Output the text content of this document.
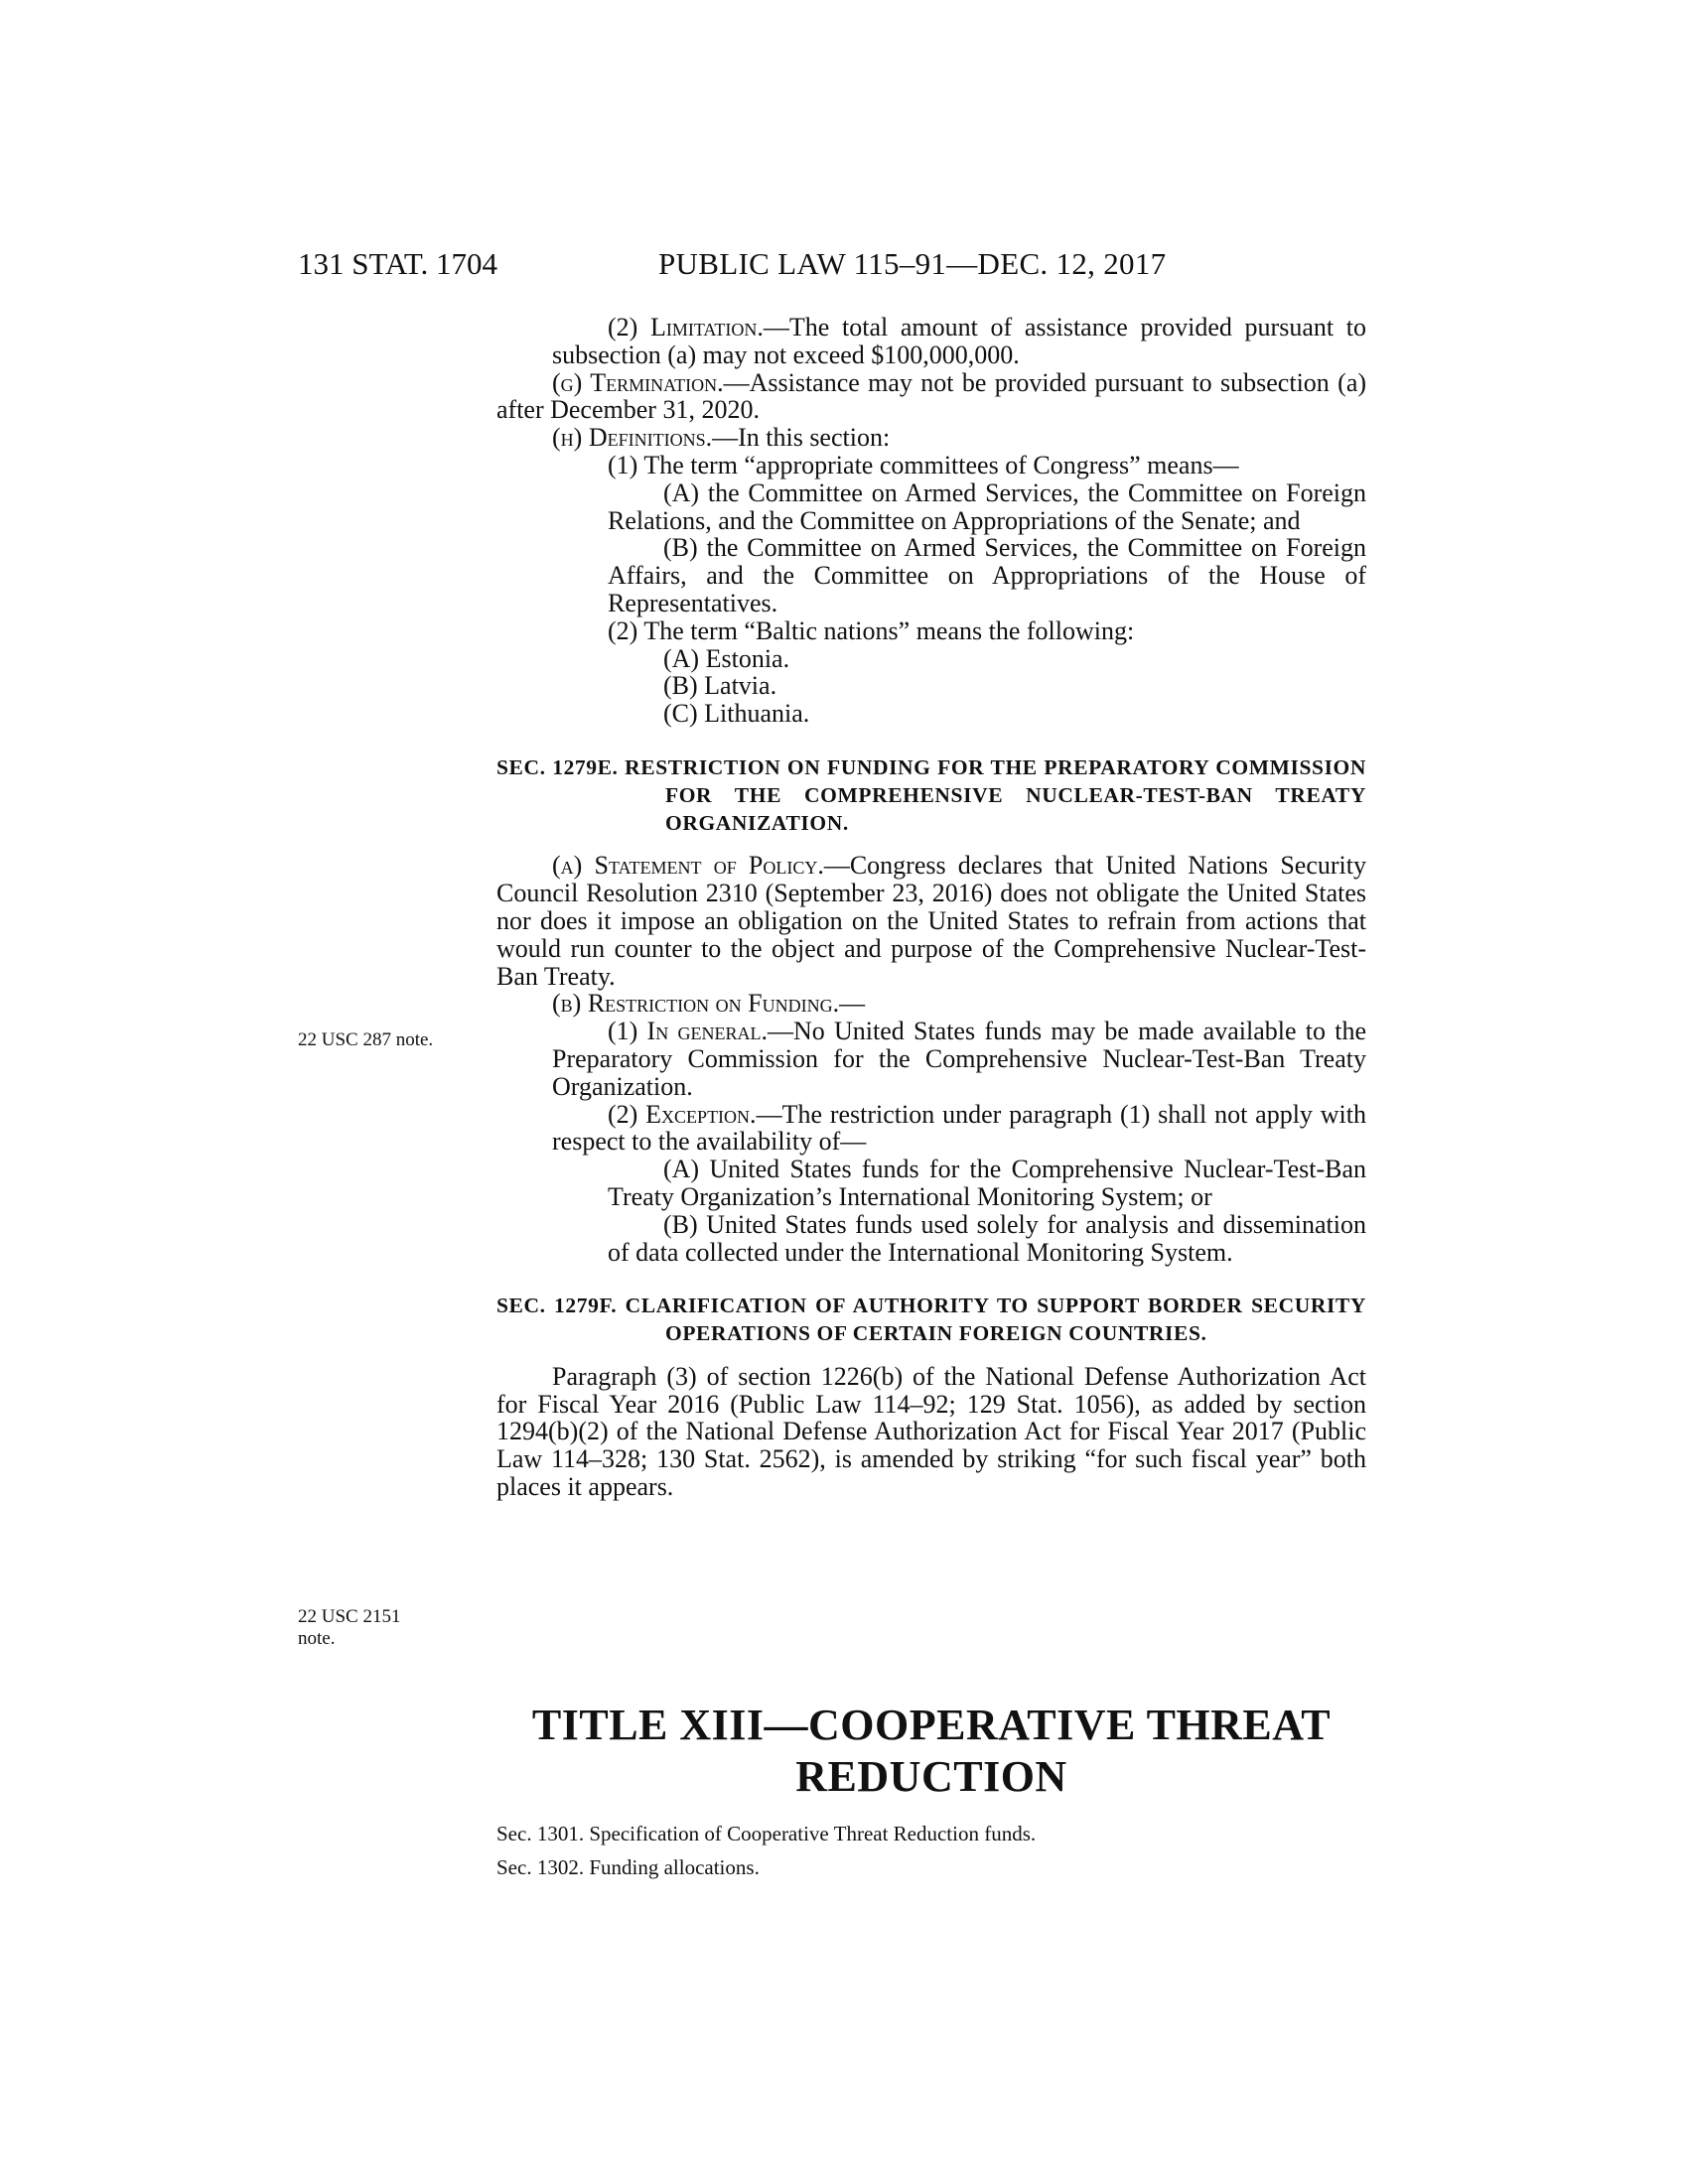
131 STAT. 1704	PUBLIC LAW 115–91—DEC. 12, 2017

(2) Limitation.—The total amount of assistance provided pursuant to subsection (a) may not exceed $100,000,000.

(g) Termination.—Assistance may not be provided pursuant to subsection (a) after December 31, 2020.

(h) Definitions.—In this section:

(1) The term “appropriate committees of Congress” means—

(A) the Committee on Armed Services, the Committee on Foreign Relations, and the Committee on Appropriations of the Senate; and

(B) the Committee on Armed Services, the Committee on Foreign Affairs, and the Committee on Appropriations of the House of Representatives.

(2) The term “Baltic nations” means the following:

(A) Estonia.

(B) Latvia.

(C) Lithuania.

SEC. 1279E. RESTRICTION ON FUNDING FOR THE PREPARATORY COMMISSION FOR THE COMPREHENSIVE NUCLEAR-TEST-BAN TREATY ORGANIZATION.

(a) Statement of Policy.—Congress declares that United Nations Security Council Resolution 2310 (September 23, 2016) does not obligate the United States nor does it impose an obligation on the United States to refrain from actions that would run counter to the object and purpose of the Comprehensive Nuclear-Test-Ban Treaty.

(b) Restriction on Funding.—

(1) In general.—No United States funds may be made available to the Preparatory Commission for the Comprehensive Nuclear-Test-Ban Treaty Organization.

(2) Exception.—The restriction under paragraph (1) shall not apply with respect to the availability of—

(A) United States funds for the Comprehensive Nuclear-Test-Ban Treaty Organization’s International Monitoring System; or

(B) United States funds used solely for analysis and dissemination of data collected under the International Monitoring System.

SEC. 1279F. CLARIFICATION OF AUTHORITY TO SUPPORT BORDER SECURITY OPERATIONS OF CERTAIN FOREIGN COUNTRIES.

Paragraph (3) of section 1226(b) of the National Defense Authorization Act for Fiscal Year 2016 (Public Law 114–92; 129 Stat. 1056), as added by section 1294(b)(2) of the National Defense Authorization Act for Fiscal Year 2017 (Public Law 114–328; 130 Stat. 2562), is amended by striking “for such fiscal year” both places it appears.

22 USC 287 note.
22 USC 2151
note.
TITLE XIII—COOPERATIVE THREAT
REDUCTION
Sec. 1301. Specification of Cooperative Threat Reduction funds.
Sec. 1302. Funding allocations.
